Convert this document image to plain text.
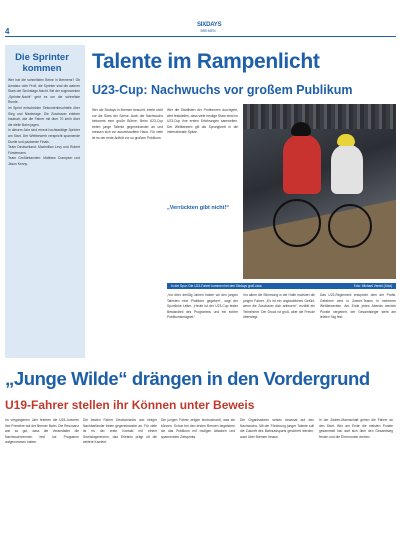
4
SIXDAYS
BREMEN
Die Sprinter kommen

Wer hat die schnellsten Beine in Bremens? Ob Amateur oder Profi, die Sprinter sind die wahren Stars der Sechstage-Nacht. Bei der sogenannten „Sprinter-Nacht“ geht es um die schnellste Runde.

Im Sprint entscheiden Sekundenbruchteile über Sieg und Niederlage. Die Zuschauer erleben hautnah, wie die Fahrer mit über 70 km/h über die steile Bahn jagen.

In diesem Jahr sind erneut hochkarätige Sprinter am Start. Der Wettbewerb verspricht spannende Duelle und packende Finals.

Team Deutschland: Maximilian Levy und Robert Förstemann.

Team Großbritannien: Matthew Crampton und Jason Kenny.

Talente im Rampenlicht
U23-Cup: Nachwuchs vor großem Publikum

Wer die Sixdays in Bremen besucht, erlebt nicht nur die Stars der Szene. Auch der Nachwuchs bekommt eine große Bühne: Beim U23-Cup treten junge Talente gegeneinander an und messen sich vor ausverkauftem Haus. Für viele ist es der erste Auftritt vor so großem Publikum.

Wer die Startlisten der Profirennen durchgeht, wird feststellen, dass viele heutige Stars einst im U23-Cup ihre ersten Erfahrungen sammelten. Der Wettbewerb gilt als Sprungbrett in die internationale Spitze.

„Verrückten gibt nicht!“
In der Spur: Die U23-Fahrer kommen bei den Sixdays groß raus.	Foto: Michael Verdel (Sixd)

„Vor über dreißig Jahren haben wir den jungen Talenten eine Plattform gegeben“, sagt der Sportliche Leiter. „Heute ist der U23-Cup fester Bestandteil des Programms und ein echter Publikumsmagnet.“

Vor allem die Stimmung in der Halle motiviert die jungen Fahrer. „Es ist ein unglaubliches Gefühl, wenn die Zuschauer dich anfeuern“, erzählt ein Teilnehmer. Der Druck ist groß, aber die Freude überwiegt.

Das U23-Reglement entspricht dem der Profis. Gefahren wird in Zweier-Teams in mehreren Wettbewerben. Am Ende jedes Abends werden Punkte vergeben, der Gesamtsieger steht am letzten Tag fest.

„Junge Wilde“ drängen in den Vordergrund
U19-Fahrer stellen ihr Können unter Beweis

Im vergangenen Jahr feierten die U19-Junioren ihre Premiere auf der Bremer Bahn. Die Resonanz war so gut, dass die Veranstalter die Nachwuchsrennen fest ins Programm aufgenommen haben.

Die besten Fahrer Deutschlands und einiger Nachbarländer treten gegeneinander an. Für viele ist es der erste Kontakt mit einem Sechstagerennen, das Erlebnis prägt oft die weitere Karriere.

Die jungen Fahrer zeigen eindrucksvoll, was sie können. Schon bei den ersten Rennen begeistern sie das Publikum mit mutigen Attacken und spannenden Zielsprints.

Die Organisatoren setzen bewusst auf den Nachwuchs. Mit der Förderung junger Talente soll die Zukunft des Bahnradsports gesichert werden, auch über Bremen hinaus.

In der Zweier-Mannschaft gehen die Fahrer an den Start. Wer am Ende die meisten Punkte gesammelt hat, darf sich über den Gesamtsieg freuen und die Ehrenrunde drehen.
